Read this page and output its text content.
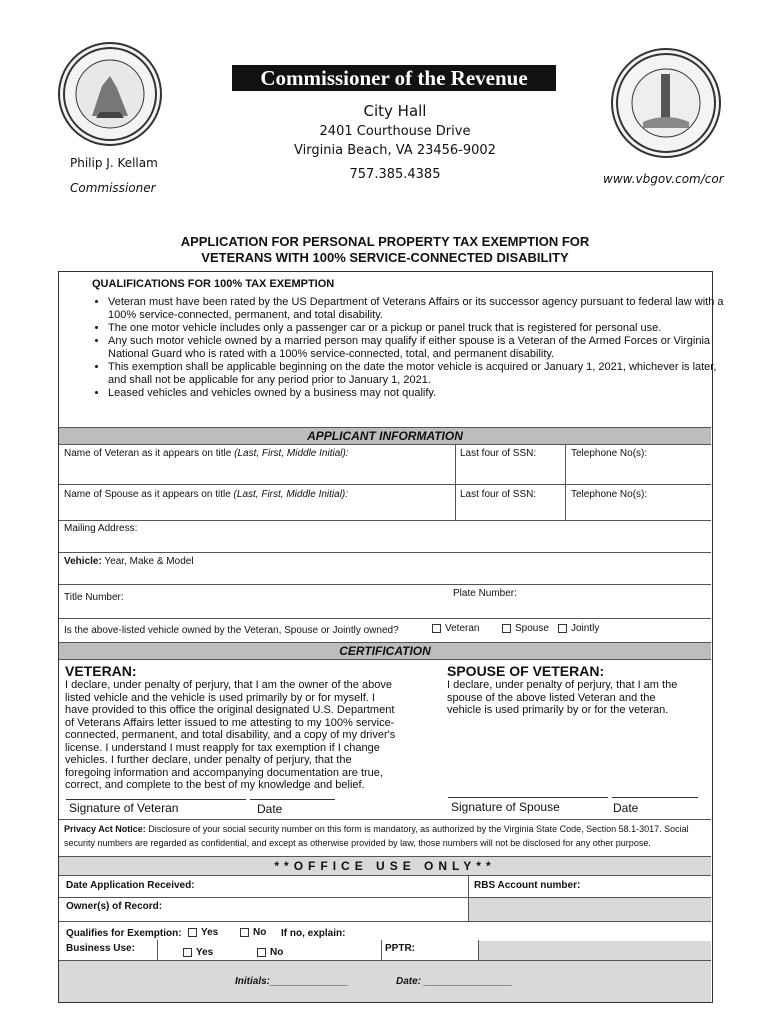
Commissioner of the Revenue
City Hall
2401 Courthouse Drive
Virginia Beach, VA 23456-9002
757.385.4385
Philip J. Kellam
Commissioner
www.vbgov.com/cor
APPLICATION FOR PERSONAL PROPERTY TAX EXEMPTION FOR
VETERANS WITH 100% SERVICE-CONNECTED DISABILITY
QUALIFICATIONS FOR 100% TAX EXEMPTION
• Veteran must have been rated by the US Department of Veterans Affairs or its successor agency pursuant to federal law with a 100% service-connected, permanent, and total disability.
• The one motor vehicle includes only a passenger car or a pickup or panel truck that is registered for personal use.
• Any such motor vehicle owned by a married person may qualify if either spouse is a Veteran of the Armed Forces or Virginia National Guard who is rated with a 100% service-connected, total, and permanent disability.
• This exemption shall be applicable beginning on the date the motor vehicle is acquired or January 1, 2021, whichever is later, and shall not be applicable for any period prior to January 1, 2021.
• Leased vehicles and vehicles owned by a business may not qualify.
APPLICANT INFORMATION
Name of Veteran as it appears on title (Last, First, Middle Initial):	Last four of SSN:	Telephone No(s):
Name of Spouse as it appears on title (Last, First, Middle Initial):	Last four of SSN:	Telephone No(s):
Mailing Address:
Vehicle: Year, Make & Model
Title Number:	Plate Number:
Is the above-listed vehicle owned by the Veteran, Spouse or Jointly owned?	Veteran	Spouse	Jointly
CERTIFICATION
VETERAN:
I declare, under penalty of perjury, that I am the owner of the above listed vehicle and the vehicle is used primarily by or for myself. I have provided to this office the original designated U.S. Department of Veterans Affairs letter issued to me attesting to my 100% service-connected, permanent, and total disability, and a copy of my driver's license. I understand I must reapply for tax exemption if I change vehicles. I further declare, under penalty of perjury, that the foregoing information and accompanying documentation are true, correct, and complete to the best of my knowledge and belief.
SPOUSE OF VETERAN:
I declare, under penalty of perjury, that I am the spouse of the above listed Veteran and the vehicle is used primarily by or for the veteran.
Signature of Veteran	Date	Signature of Spouse	Date
Privacy Act Notice: Disclosure of your social security number on this form is mandatory, as authorized by the Virginia State Code, Section 58.1-3017. Social security numbers are regarded as confidential, and except as otherwise provided by law, those numbers will not be disclosed for any other purpose.
**OFFICE USE ONLY**
Date Application Received:	RBS Account number:
Owner(s) of Record:
Qualifies for Exemption:	Yes	No If no, explain:
Business Use:	Yes	No	PPTR:
Initials:______________	Date: ________________
